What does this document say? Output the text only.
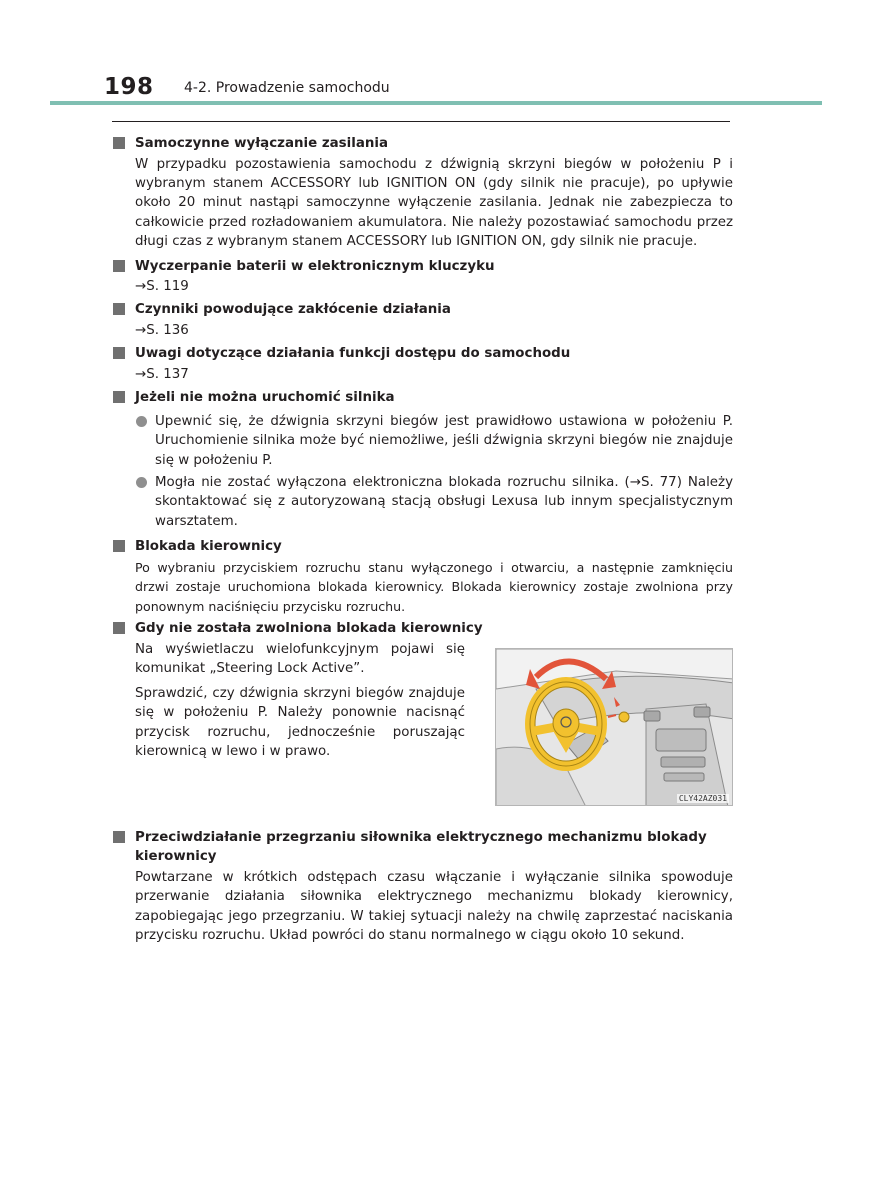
198 4-2. Prowadzenie samochodu
Samoczynne wyłączanie zasilania
W przypadku pozostawienia samochodu z dźwignią skrzyni biegów w położeniu P i wybranym stanem ACCESSORY lub IGNITION ON (gdy silnik nie pracuje), po upływie około 20 minut nastąpi samoczynne wyłączenie zasilania. Jednak nie zabezpiecza to całkowicie przed rozładowaniem akumulatora. Nie należy pozostawiać samochodu przez długi czas z wybranym stanem ACCESSORY lub IGNITION ON, gdy silnik nie pracuje.
Wyczerpanie baterii w elektronicznym kluczyku
→S. 119
Czynniki powodujące zakłócenie działania
→S. 136
Uwagi dotyczące działania funkcji dostępu do samochodu
→S. 137
Jeżeli nie można uruchomić silnika
Upewnić się, że dźwignia skrzyni biegów jest prawidłowo ustawiona w położeniu P. Uruchomienie silnika może być niemożliwe, jeśli dźwignia skrzyni biegów nie znajduje się w położeniu P.
Mogła nie zostać wyłączona elektroniczna blokada rozruchu silnika. (→S. 77) Należy skontaktować się z autoryzowaną stacją obsługi Lexusa lub innym specjalistycznym warsztatem.
Blokada kierownicy
Po wybraniu przyciskiem rozruchu stanu wyłączonego i otwarciu, a następnie zamknięciu drzwi zostaje uruchomiona blokada kierownicy. Blokada kierownicy zostaje zwolniona przy ponownym naciśnięciu przycisku rozruchu.
Gdy nie została zwolniona blokada kierownicy

Na wyświetlaczu wielofunkcyjnym pojawi się komunikat „Steering Lock Active”.

Sprawdzić, czy dźwignia skrzyni biegów znajduje się w położeniu P. Należy ponownie nacisnąć przycisk rozruchu, jednocześnie poruszając kierownicą w lewo i w prawo.

CLY42AZ031
Przeciwdziałanie przegrzaniu siłownika elektrycznego mechanizmu blokady kierownicy
Powtarzane w krótkich odstępach czasu włączanie i wyłączanie silnika spowoduje przerwanie działania siłownika elektrycznego mechanizmu blokady kierownicy, zapobiegając jego przegrzaniu. W takiej sytuacji należy na chwilę zaprzestać naciskania przycisku rozruchu. Układ powróci do stanu normalnego w ciągu około 10 sekund.
